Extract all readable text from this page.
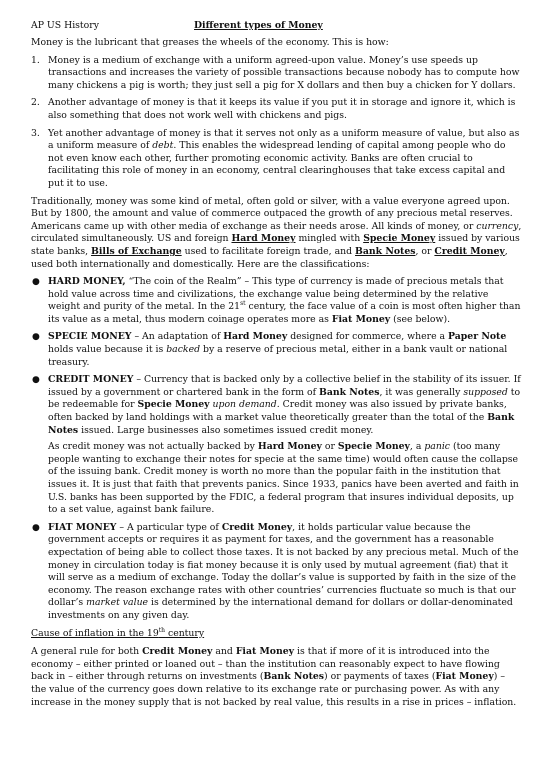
AP US History	Different types of Money

Money is the lubricant that greases the wheels of the economy. This is how:

1. Money is a medium of exchange with a uniform agreed-upon value. Money’s use speeds up transactions and increases the variety of possible transactions because nobody has to compute how many chickens a pig is worth; they just sell a pig for X dollars and then buy a chicken for Y dollars.
2. Another advantage of money is that it keeps its value if you put it in storage and ignore it, which is also something that does not work well with chickens and pigs.
3. Yet another advantage of money is that it serves not only as a uniform measure of value, but also as a uniform measure of debt. This enables the widespread lending of capital among people who do not even know each other, further promoting economic activity. Banks are often crucial to facilitating this role of money in an economy, central clearinghouses that take excess capital and put it to use.

Traditionally, money was some kind of metal, often gold or silver, with a value everyone agreed upon. But by 1800, the amount and value of commerce outpaced the growth of any precious metal reserves. Americans came up with other media of exchange as their needs arose. All kinds of money, or currency, circulated simultaneously. US and foreign Hard Money mingled with Specie Money issued by various state banks, Bills of Exchange used to facilitate foreign trade, and Bank Notes, or Credit Money, used both internationally and domestically. Here are the classifications:

● HARD MONEY, “The coin of the Realm” – This type of currency is made of precious metals that hold value across time and civilizations, the exchange value being determined by the relative weight and purity of the metal. In the 21st century, the face value of a coin is most often higher than its value as a metal, thus modern coinage operates more as Fiat Money (see below).
● SPECIE MONEY – An adaptation of Hard Money designed for commerce, where a Paper Note holds value because it is backed by a reserve of precious metal, either in a bank vault or national treasury.
● CREDIT MONEY – Currency that is backed only by a collective belief in the stability of its issuer. If issued by a government or chartered bank in the form of Bank Notes, it was generally supposed to be redeemable for Specie Money upon demand. Credit money was also issued by private banks, often backed by land holdings with a market value theoretically greater than the total of the Bank Notes issued. Large businesses also sometimes issued credit money.

As credit money was not actually backed by Hard Money or Specie Money, a panic (too many people wanting to exchange their notes for specie at the same time) would often cause the collapse of the issuing bank. Credit money is worth no more than the popular faith in the institution that issues it. It is just that faith that prevents panics. Since 1933, panics have been averted and faith in U.S. banks has been supported by the FDIC, a federal program that insures individual deposits, up to a set value, against bank failure.

● FIAT MONEY – A particular type of Credit Money, it holds particular value because the government accepts or requires it as payment for taxes, and the government has a reasonable expectation of being able to collect those taxes. It is not backed by any precious metal. Much of the money in circulation today is fiat money because it is only used by mutual agreement (fiat) that it will serve as a medium of exchange. Today the dollar’s value is supported by faith in the size of the economy. The reason exchange rates with other countries’ currencies fluctuate so much is that our dollar’s market value is determined by the international demand for dollars or dollar-denominated investments on any given day.

Cause of inflation in the 19th century

A general rule for both Credit Money and Fiat Money is that if more of it is introduced into the economy – either printed or loaned out – than the institution can reasonably expect to have flowing back in – either through returns on investments (Bank Notes) or payments of taxes (Fiat Money) – the value of the currency goes down relative to its exchange rate or purchasing power. As with any increase in the money supply that is not backed by real value, this results in a rise in prices – inflation.
